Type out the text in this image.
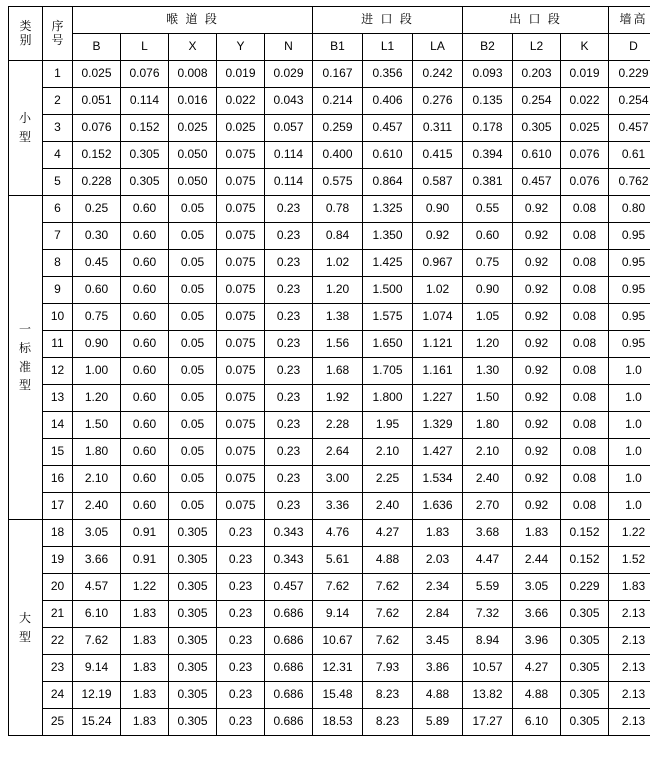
类
别	序
号	喉 道 段					进 口 段			出 口 段			墙高
		B	L	X	Y	N	B1	L1	LA	B2	L2	K	D

小
型	1	0.025	0.076	0.008	0.019	0.029	0.167	0.356	0.242	0.093	0.203	0.019	0.229
	2	0.051	0.114	0.016	0.022	0.043	0.214	0.406	0.276	0.135	0.254	0.022	0.254
	3	0.076	0.152	0.025	0.025	0.057	0.259	0.457	0.311	0.178	0.305	0.025	0.457
	4	0.152	0.305	0.050	0.075	0.114	0.400	0.610	0.415	0.394	0.610	0.076	0.61
	5	0.228	0.305	0.050	0.075	0.114	0.575	0.864	0.587	0.381	0.457	0.076	0.762

一
标
准
型	6	0.25	0.60	0.05	0.075	0.23	0.78	1.325	0.90	0.55	0.92	0.08	0.80
	7	0.30	0.60	0.05	0.075	0.23	0.84	1.350	0.92	0.60	0.92	0.08	0.95
	8	0.45	0.60	0.05	0.075	0.23	1.02	1.425	0.967	0.75	0.92	0.08	0.95
	9	0.60	0.60	0.05	0.075	0.23	1.20	1.500	1.02	0.90	0.92	0.08	0.95
	10	0.75	0.60	0.05	0.075	0.23	1.38	1.575	1.074	1.05	0.92	0.08	0.95
	11	0.90	0.60	0.05	0.075	0.23	1.56	1.650	1.121	1.20	0.92	0.08	0.95
	12	1.00	0.60	0.05	0.075	0.23	1.68	1.705	1.161	1.30	0.92	0.08	1.0
	13	1.20	0.60	0.05	0.075	0.23	1.92	1.800	1.227	1.50	0.92	0.08	1.0
	14	1.50	0.60	0.05	0.075	0.23	2.28	1.95	1.329	1.80	0.92	0.08	1.0
	15	1.80	0.60	0.05	0.075	0.23	2.64	2.10	1.427	2.10	0.92	0.08	1.0
	16	2.10	0.60	0.05	0.075	0.23	3.00	2.25	1.534	2.40	0.92	0.08	1.0
	17	2.40	0.60	0.05	0.075	0.23	3.36	2.40	1.636	2.70	0.92	0.08	1.0

大
型	18	3.05	0.91	0.305	0.23	0.343	4.76	4.27	1.83	3.68	1.83	0.152	1.22
	19	3.66	0.91	0.305	0.23	0.343	5.61	4.88	2.03	4.47	2.44	0.152	1.52
	20	4.57	1.22	0.305	0.23	0.457	7.62	7.62	2.34	5.59	3.05	0.229	1.83
	21	6.10	1.83	0.305	0.23	0.686	9.14	7.62	2.84	7.32	3.66	0.305	2.13
	22	7.62	1.83	0.305	0.23	0.686	10.67	7.62	3.45	8.94	3.96	0.305	2.13
	23	9.14	1.83	0.305	0.23	0.686	12.31	7.93	3.86	10.57	4.27	0.305	2.13
	24	12.19	1.83	0.305	0.23	0.686	15.48	8.23	4.88	13.82	4.88	0.305	2.13
	25	15.24	1.83	0.305	0.23	0.686	18.53	8.23	5.89	17.27	6.10	0.305	2.13
